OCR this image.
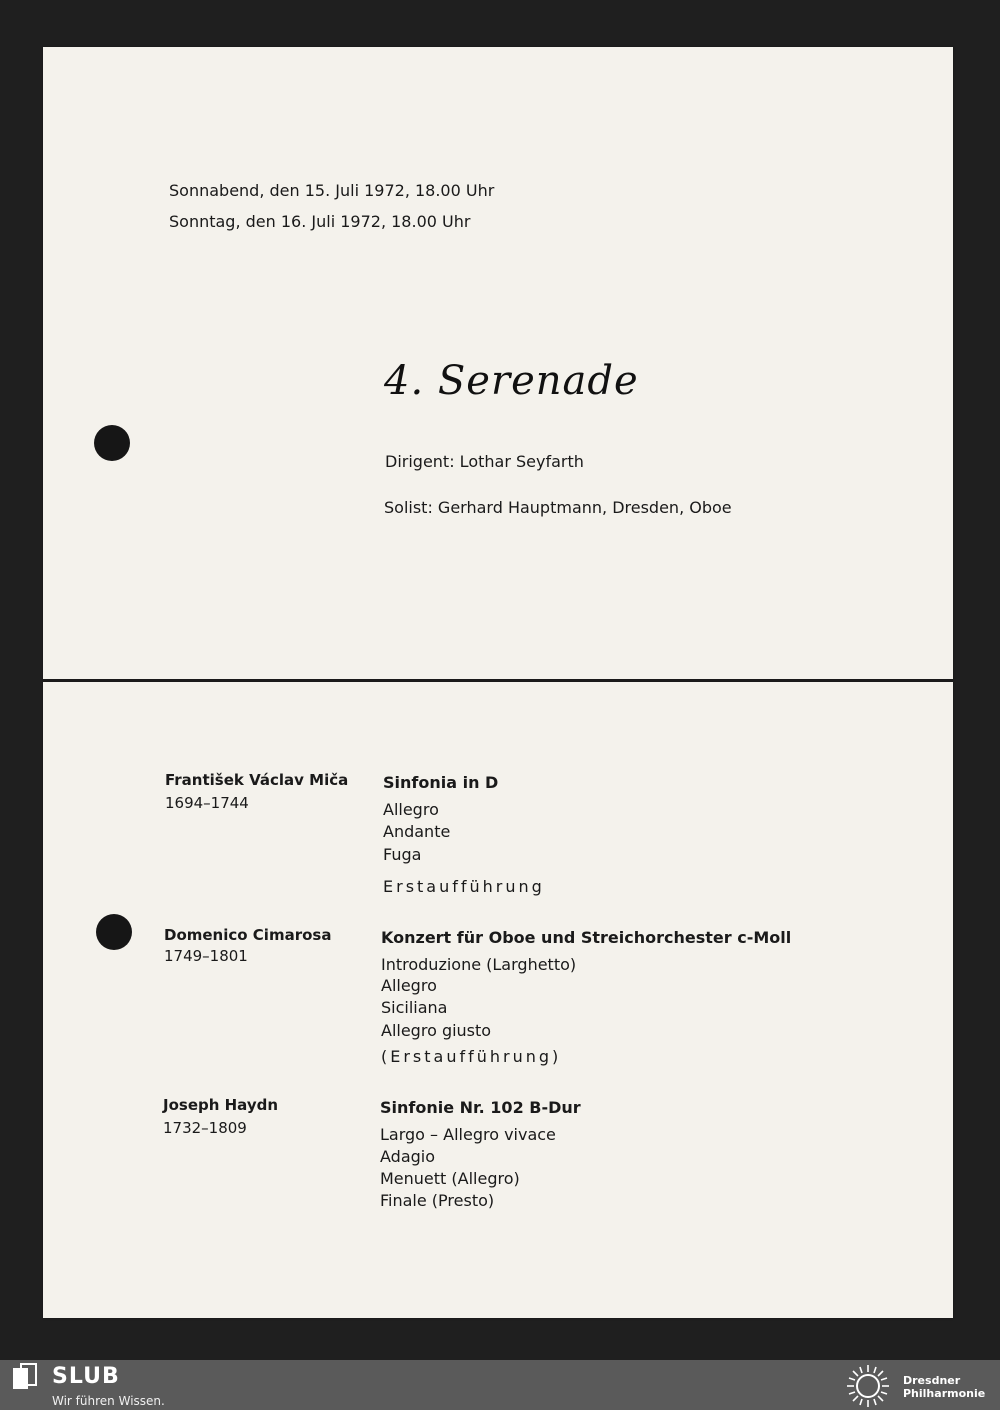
Sonnabend, den 15. Juli 1972, 18.00 Uhr
Sonntag, den 16. Juli 1972, 18.00 Uhr
4. Serenade
Dirigent: Lothar Seyfarth
Solist: Gerhard Hauptmann, Dresden, Oboe
František Václav Miča
1694–1744
Sinfonia in D
Allegro
Andante
Fuga
Erstaufführung
Domenico Cimarosa
1749–1801
Konzert für Oboe und Streichorchester c-Moll
Introduzione (Larghetto)
Allegro
Siciliana
Allegro giusto
(Erstaufführung)
Joseph Haydn
1732–1809
Sinfonie Nr. 102 B-Dur
Largo – Allegro vivace
Adagio
Menuett (Allegro)
Finale (Presto)
SLUB
Wir führen Wissen.
Dresdner
Philharmonie
